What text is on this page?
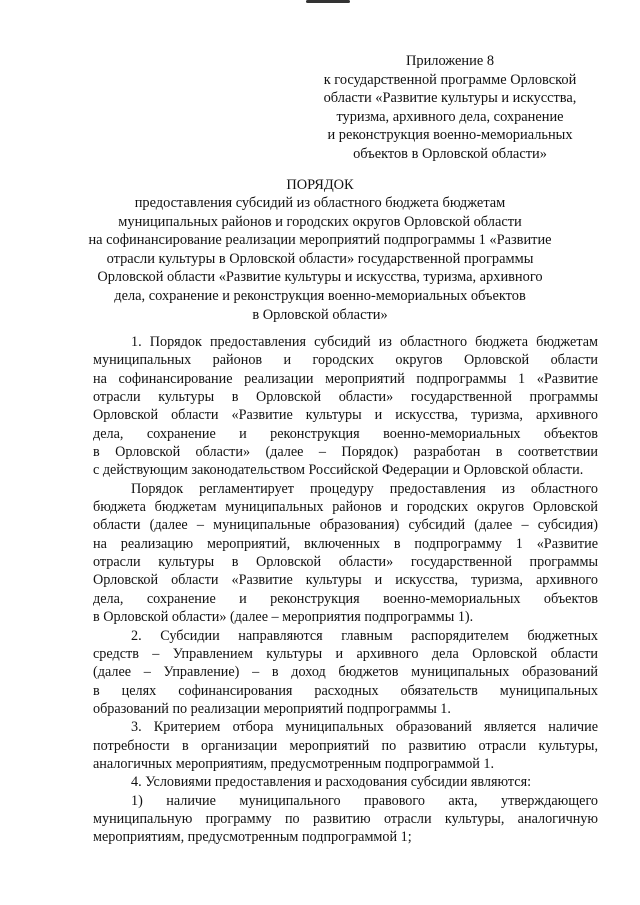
Приложение 8
к государственной программе Орловской
области «Развитие культуры и искусства,
туризма, архивного дела, сохранение
и реконструкция военно-мемориальных
объектов в Орловской области»
ПОРЯДОК
предоставления субсидий из областного бюджета бюджетам
муниципальных районов и городских округов Орловской области
на софинансирование реализации мероприятий подпрограммы 1 «Развитие
отрасли культуры в Орловской области» государственной программы
Орловской области «Развитие культуры и искусства, туризма, архивного
дела, сохранение и реконструкция военно-мемориальных объектов
в Орловской области»
1. Порядок предоставления субсидий из областного бюджета бюджетам
муниципальных районов и городских округов Орловской области
на софинансирование реализации мероприятий подпрограммы 1 «Развитие
отрасли культуры в Орловской области» государственной программы
Орловской области «Развитие культуры и искусства, туризма, архивного
дела, сохранение и реконструкция военно-мемориальных объектов
в Орловской области» (далее – Порядок) разработан в соответствии
с действующим законодательством Российской Федерации и Орловской области.
Порядок регламентирует процедуру предоставления из областного
бюджета бюджетам муниципальных районов и городских округов Орловской
области (далее – муниципальные образования) субсидий (далее – субсидия)
на реализацию мероприятий, включенных в подпрограмму 1 «Развитие
отрасли культуры в Орловской области» государственной программы
Орловской области «Развитие культуры и искусства, туризма, архивного
дела, сохранение и реконструкция военно-мемориальных объектов
в Орловской области» (далее – мероприятия подпрограммы 1).
2. Субсидии направляются главным распорядителем бюджетных
средств – Управлением культуры и архивного дела Орловской области
(далее – Управление) – в доход бюджетов муниципальных образований
в целях софинансирования расходных обязательств муниципальных
образований по реализации мероприятий подпрограммы 1.
3. Критерием отбора муниципальных образований является наличие
потребности в организации мероприятий по развитию отрасли культуры,
аналогичных мероприятиям, предусмотренным подпрограммой 1.
4. Условиями предоставления и расходования субсидии являются:
1) наличие муниципального правового акта, утверждающего
муниципальную программу по развитию отрасли культуры, аналогичную
мероприятиям, предусмотренным подпрограммой 1;
